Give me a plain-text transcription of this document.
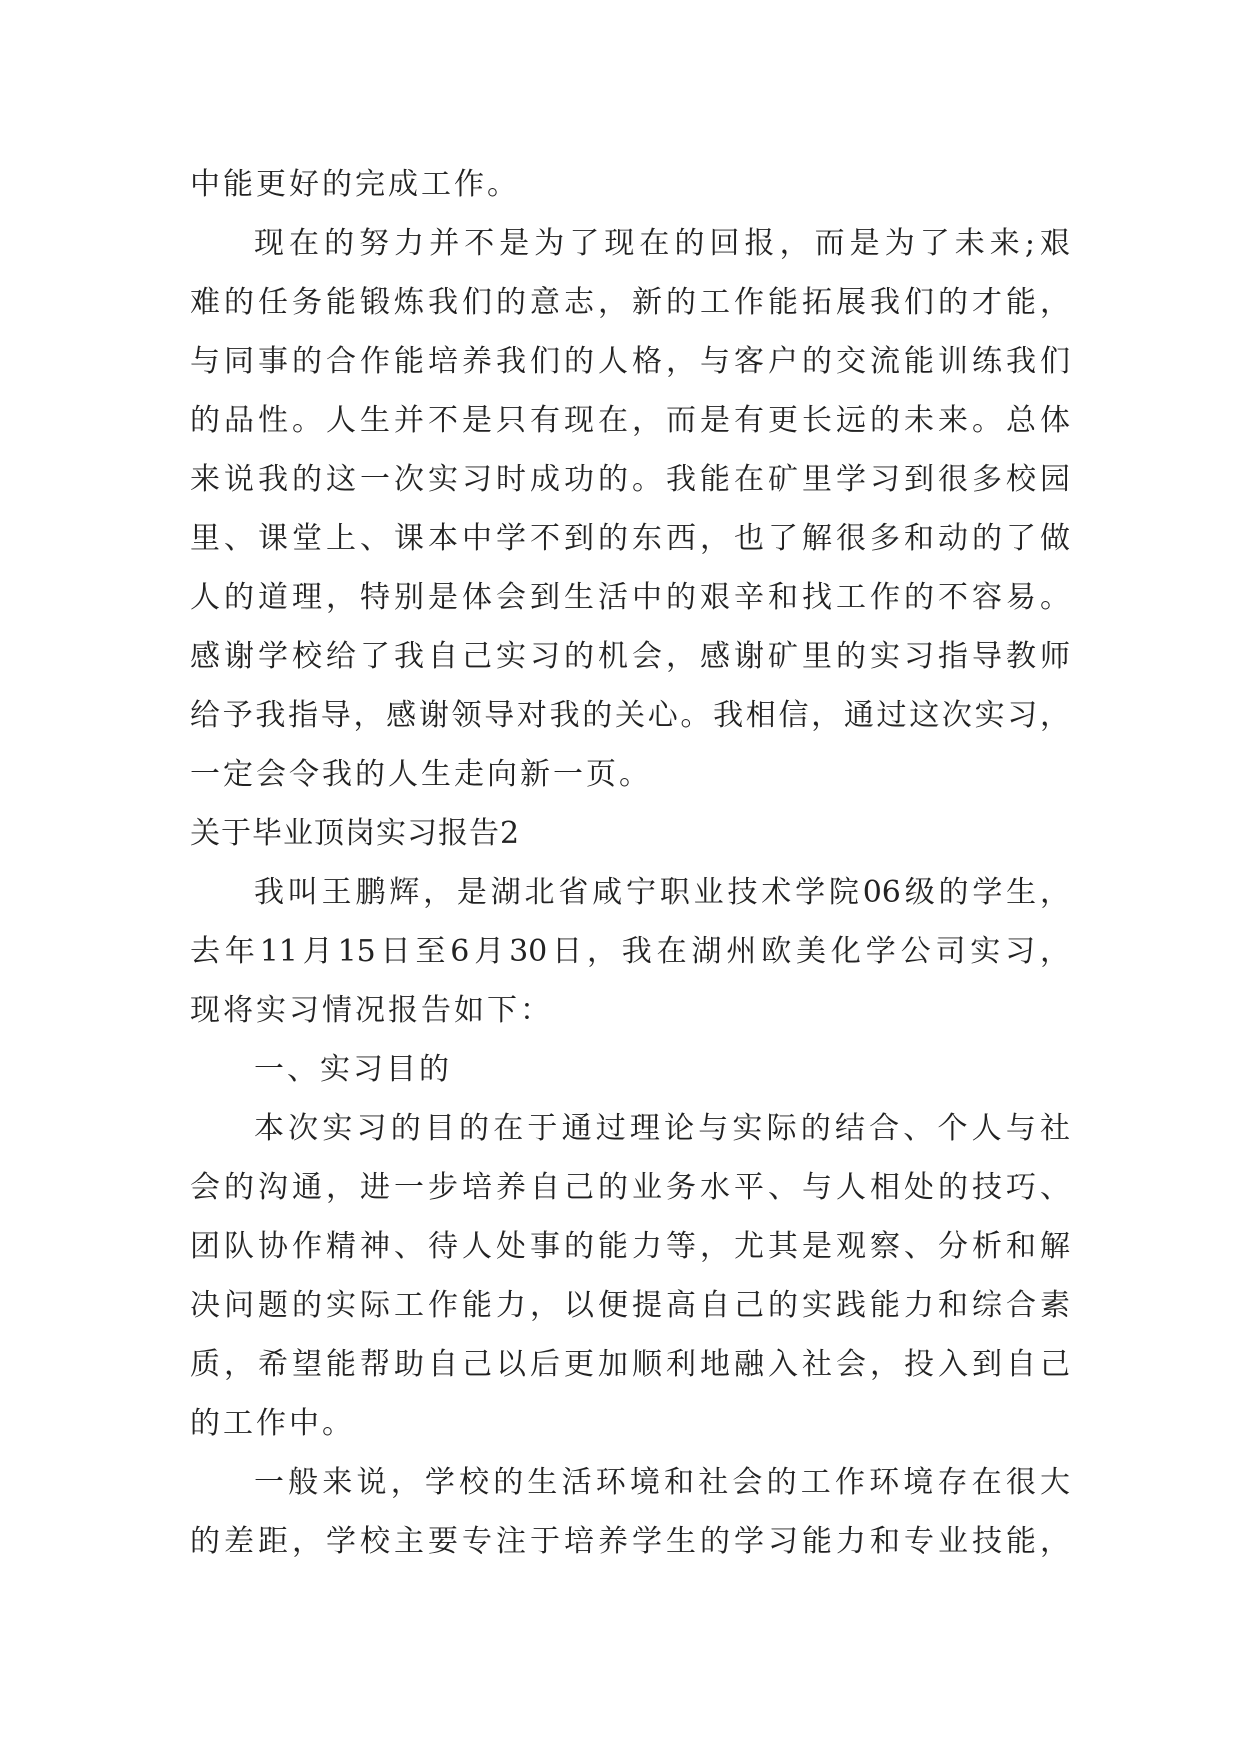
中能更好的完成工作。
现在的努力并不是为了现在的回报，而是为了未来;艰
难的任务能锻炼我们的意志，新的工作能拓展我们的才能，
与同事的合作能培养我们的人格，与客户的交流能训练我们
的品性。人生并不是只有现在，而是有更长远的未来。总体
来说我的这一次实习时成功的。我能在矿里学习到很多校园
里、课堂上、课本中学不到的东西，也了解很多和动的了做
人的道理，特别是体会到生活中的艰辛和找工作的不容易。
感谢学校给了我自己实习的机会，感谢矿里的实习指导教师
给予我指导，感谢领导对我的关心。我相信，通过这次实习，
一定会令我的人生走向新一页。
关于毕业顶岗实习报告2
我叫王鹏辉，是湖北省咸宁职业技术学院06级的学生，
去年11月15日至6月30日，我在湖州欧美化学公司实习，
现将实习情况报告如下：
一、实习目的
本次实习的目的在于通过理论与实际的结合、个人与社
会的沟通，进一步培养自己的业务水平、与人相处的技巧、
团队协作精神、待人处事的能力等，尤其是观察、分析和解
决问题的实际工作能力，以便提高自己的实践能力和综合素
质，希望能帮助自己以后更加顺利地融入社会，投入到自己
的工作中。
一般来说，学校的生活环境和社会的工作环境存在很大
的差距，学校主要专注于培养学生的学习能力和专业技能，
